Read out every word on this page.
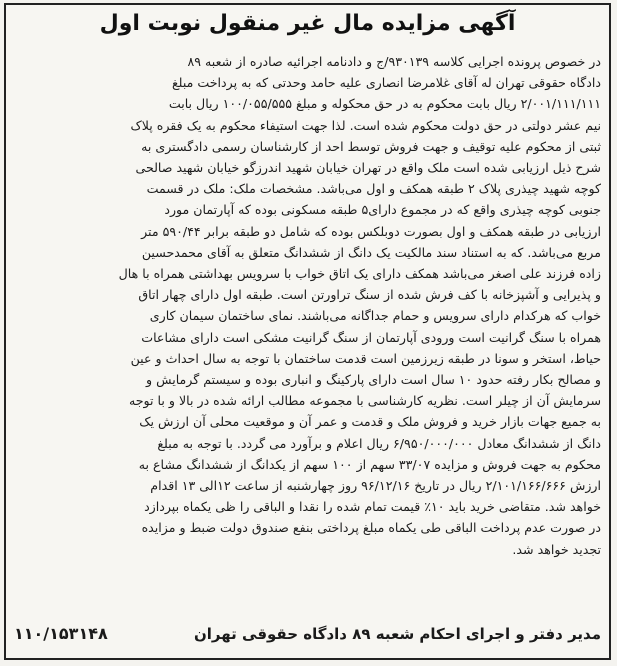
آگهی مزایده مال غیر منقول نوبت اول
در خصوص پرونده اجرایی کلاسه ۹۳۰۱۳۹/ج و دادنامه اجرائیه صادره از شعبه ۸۹
دادگاه حقوقی تهران له آقای غلامرضا انصاری علیه حامد وحدتی که به پرداخت مبلغ
۲/۰۰۱/۱۱۱/۱۱۱ ریال بابت محکوم به در حق محکوله و مبلغ ۱۰۰/۰۵۵/۵۵۵ ریال بابت
نیم عشر دولتی در حق دولت محکوم شده است. لذا جهت استیفاء محکوم به یک فقره پلاک
ثبتی از محکوم علیه توقیف و جهت فروش توسط احد از کارشناسان رسمی دادگستری به
شرح ذیل ارزیابی شده است ملک واقع در تهران خیابان شهید اندرزگو خیابان شهید صالحی
کوچه شهید چیذری پلاک ۲ طبقه همکف و اول می‌باشد. مشخصات ملک: ملک در قسمت
جنوبی کوچه چیذری واقع که در مجموع دارای۵ طبقه مسکونی بوده که آپارتمان مورد
ارزیابی در طبقه همکف و اول بصورت دوبلکس بوده که شامل دو طبقه برابر ۵۹۰/۴۴ متر
مربع می‌باشد. که به استناد سند مالکیت یک دانگ از ششدانگ متعلق به آقای محمدحسین
زاده فرزند علی اصغر می‌باشد همکف دارای یک اتاق خواب با سرویس بهداشتی همراه با هال
و پذیرایی و آشپزخانه با کف فرش شده از سنگ تراورتن است. طبقه اول دارای چهار اتاق
خواب که هرکدام دارای سرویس و حمام جداگانه می‌باشند. نمای ساختمان سیمان کاری
همراه با سنگ گرانیت است ورودی آپارتمان از سنگ گرانیت مشکی است دارای مشاعات
حیاط، استخر و سونا در طبقه زیرزمین است قدمت ساختمان با توجه به سال احداث و عین
و مصالح بکار رفته حدود ۱۰ سال است دارای پارکینگ و انباری بوده و سیستم گرمایش و
سرمایش آن از چیلر است. نظریه کارشناسی با مجموعه مطالب ارائه شده در بالا و با توجه
به جمیع جهات بازار خرید و فروش ملک و قدمت و عمر آن و موقعیت محلی آن ارزش یک
دانگ از ششدانگ معادل ۶/۹۵۰/۰۰۰/۰۰۰ ریال اعلام و برآورد می گردد. با توجه به مبلغ
محکوم به جهت فروش و مزایده ۳۳/۰۷ سهم از ۱۰۰ سهم از یکدانگ از ششدانگ مشاع به
ارزش ۲/۱۰۱/۱۶۶/۶۶۶ ریال در تاریخ ۹۶/۱۲/۱۶ روز چهارشنبه از ساعت ۱۲الی ۱۳ اقدام
خواهد شد. متقاضی خرید باید ۱۰٪ قیمت تمام شده را نقدا و الباقی را ظی یکماه بپردازد
در صورت عدم پرداخت الباقی طی یکماه مبلغ پرداختی بنفع صندوق دولت ضبط و مزایده
تجدید خواهد شد.
مدیر دفتر و اجرای احکام شعبه ۸۹ دادگاه حقوقی تهران
۱۱۰/۱۵۳۱۴۸
